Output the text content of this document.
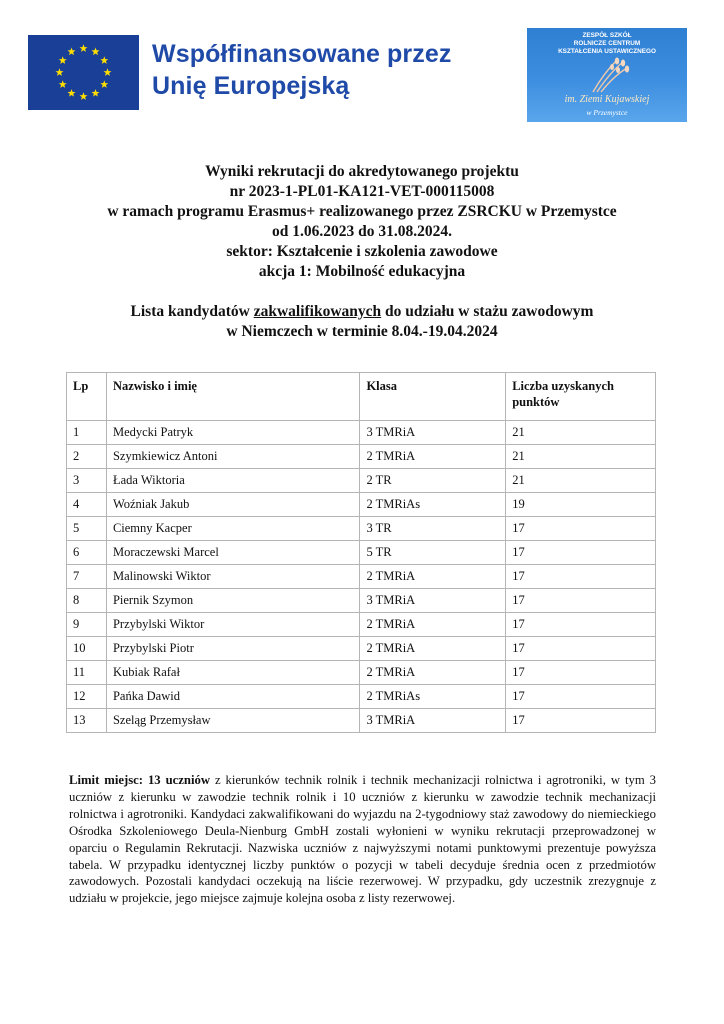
Współfinansowane przez
Unię Europejską
ZESPÓŁ SZKÓŁ
ROLNICZE CENTRUM
KSZTAŁCENIA USTAWICZNEGO
im. Ziemi Kujawskiej
w Przemystce
Wyniki rekrutacji do akredytowanego projektu
nr 2023-1-PL01-KA121-VET-000115008
w ramach programu Erasmus+ realizowanego przez ZSRCKU w Przemystce
od 1.06.2023 do 31.08.2024.
sektor: Kształcenie i szkolenia zawodowe
akcja 1: Mobilność edukacyjna
Lista kandydatów zakwalifikowanych do udziału w stażu zawodowym
w Niemczech w terminie 8.04.-19.04.2024
Lp	Nazwisko i imię	Klasa	Liczba uzyskanych punktów
1	Medycki Patryk	3 TMRiA	21
2	Szymkiewicz Antoni	2 TMRiA	21
3	Łada Wiktoria	2 TR	21
4	Woźniak Jakub	2 TMRiAs	19
5	Ciemny Kacper	3 TR	17
6	Moraczewski Marcel	5 TR	17
7	Malinowski Wiktor	2 TMRiA	17
8	Piernik Szymon	3 TMRiA	17
9	Przybylski Wiktor	2 TMRiA	17
10	Przybylski Piotr	2 TMRiA	17
11	Kubiak Rafał	2 TMRiA	17
12	Pańka Dawid	2 TMRiAs	17
13	Szeląg Przemysław	3 TMRiA	17

Limit miejsc: 13 uczniów z kierunków technik rolnik i technik mechanizacji rolnictwa i agrotroniki, w tym 3 uczniów z kierunku w zawodzie technik rolnik i 10 uczniów z kierunku w zawodzie technik mechanizacji rolnictwa i agrotroniki. Kandydaci zakwalifikowani do wyjazdu na 2-tygodniowy staż zawodowy do niemieckiego Ośrodka Szkoleniowego Deula-Nienburg GmbH zostali wyłonieni w wyniku rekrutacji przeprowadzonej w oparciu o Regulamin Rekrutacji. Nazwiska uczniów z najwyższymi notami punktowymi prezentuje powyższa tabela. W przypadku identycznej liczby punktów o pozycji w tabeli decyduje średnia ocen z przedmiotów zawodowych. Pozostali kandydaci oczekują na liście rezerwowej. W przypadku, gdy uczestnik zrezygnuje z udziału w projekcie, jego miejsce zajmuje kolejna osoba z listy rezerwowej.
